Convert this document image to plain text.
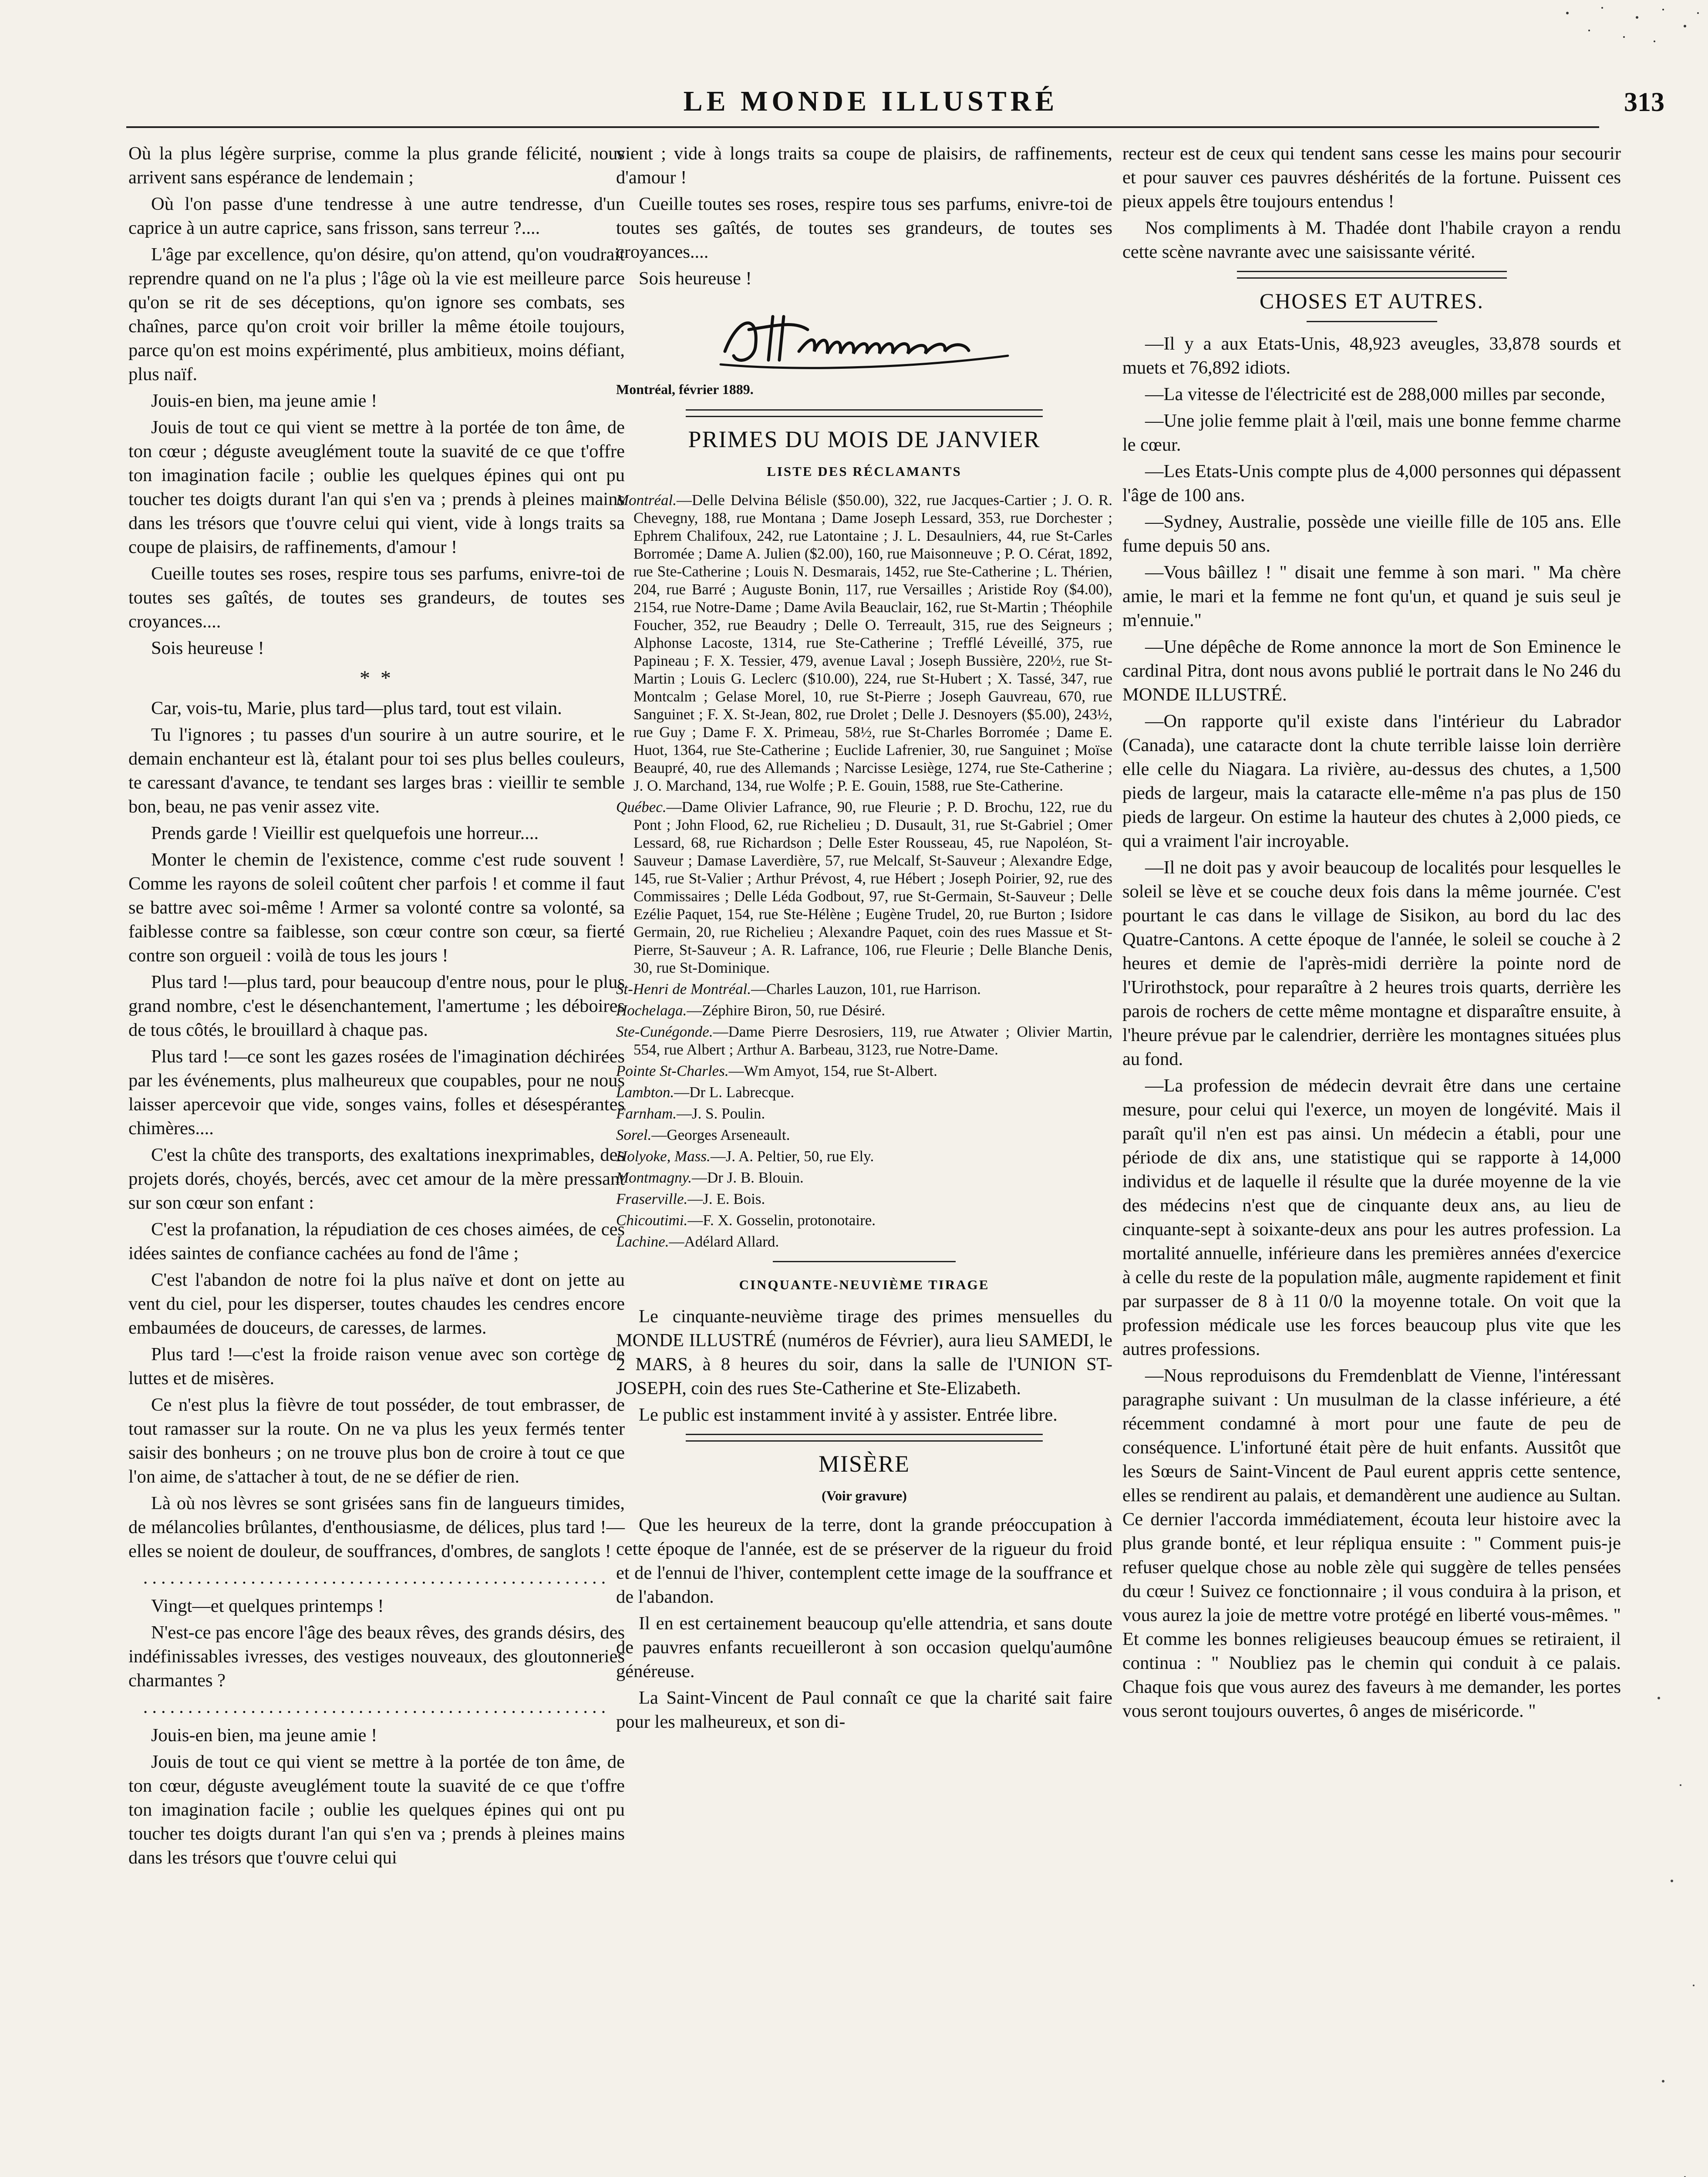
LE MONDE ILLUSTRÉ	313

Où la plus légère surprise, comme la plus grande félicité, nous arrivent sans espérance de lendemain ;

Où l'on passe d'une tendresse à une autre tendresse, d'un caprice à un autre caprice, sans frisson, sans terreur ?....

L'âge par excellence, qu'on désire, qu'on attend, qu'on voudrait reprendre quand on ne l'a plus ; l'âge où la vie est meilleure parce qu'on se rit de ses déceptions, qu'on ignore ses combats, ses chaînes, parce qu'on croit voir briller la même étoile toujours, parce qu'on est moins expérimenté, plus ambitieux, moins défiant, plus naïf.

Jouis-en bien, ma jeune amie !

Jouis de tout ce qui vient se mettre à la portée de ton âme, de ton cœur ; déguste aveuglément toute la suavité de ce que t'offre ton imagination facile ; oublie les quelques épines qui ont pu toucher tes doigts durant l'an qui s'en va ; prends à pleines mains dans les trésors que t'ouvre celui qui vient, vide à longs traits sa coupe de plaisirs, de raffinements, d'amour !

Cueille toutes ses roses, respire tous ses parfums, enivre-toi de toutes ses gaîtés, de toutes ses grandeurs, de toutes ses croyances....

Sois heureuse !

* *

Car, vois-tu, Marie, plus tard—plus tard, tout est vilain.

Tu l'ignores ; tu passes d'un sourire à un autre sourire, et le demain enchanteur est là, étalant pour toi ses plus belles couleurs, te caressant d'avance, te tendant ses larges bras : vieillir te semble bon, beau, ne pas venir assez vite.

Prends garde ! Vieillir est quelquefois une horreur....

Monter le chemin de l'existence, comme c'est rude souvent ! Comme les rayons de soleil coûtent cher parfois ! et comme il faut se battre avec soi-même ! Armer sa volonté contre sa volonté, sa faiblesse contre sa faiblesse, son cœur contre son cœur, sa fierté contre son orgueil : voilà de tous les jours !

Plus tard !—plus tard, pour beaucoup d'entre nous, pour le plus grand nombre, c'est le désenchantement, l'amertume ; les déboires de tous côtés, le brouillard à chaque pas.

Plus tard !—ce sont les gazes rosées de l'imagination déchirées par les événements, plus malheureux que coupables, pour ne nous laisser apercevoir que vide, songes vains, folles et désespérantes chimères....

C'est la chûte des transports, des exaltations inexprimables, des projets dorés, choyés, bercés, avec cet amour de la mère pressant sur son cœur son enfant :

C'est la profanation, la répudiation de ces choses aimées, de ces idées saintes de confiance cachées au fond de l'âme ;

C'est l'abandon de notre foi la plus naïve et dont on jette au vent du ciel, pour les disperser, toutes chaudes les cendres encore embaumées de douceurs, de caresses, de larmes.

Plus tard !—c'est la froide raison venue avec son cortège de luttes et de misères.

Ce n'est plus la fièvre de tout posséder, de tout embrasser, de tout ramasser sur la route. On ne va plus les yeux fermés tenter saisir des bonheurs ; on ne trouve plus bon de croire à tout ce que l'on aime, de s'attacher à tout, de ne se défier de rien.

Là où nos lèvres se sont grisées sans fin de langueurs timides, de mélancolies brûlantes, d'enthousiasme, de délices, plus tard !—elles se noient de douleur, de souffrances, d'ombres, de sanglots !

....................................................

Vingt—et quelques printemps !

N'est-ce pas encore l'âge des beaux rêves, des grands désirs, des indéfinissables ivresses, des vestiges nouveaux, des gloutonneries charmantes ?

....................................................

Jouis-en bien, ma jeune amie !

Jouis de tout ce qui vient se mettre à la portée de ton âme, de ton cœur, déguste aveuglément toute la suavité de ce que t'offre ton imagination facile ; oublie les quelques épines qui ont pu toucher tes doigts durant l'an qui s'en va ; prends à pleines mains dans les trésors que t'ouvre celui qui

vient ; vide à longs traits sa coupe de plaisirs, de raffinements, d'amour !

Cueille toutes ses roses, respire tous ses parfums, enivre-toi de toutes ses gaîtés, de toutes ses grandeurs, de toutes ses croyances....

Sois heureuse !

Montréal, février 1889.
PRIMES DU MOIS DE JANVIER
LISTE DES RÉCLAMANTS

Montréal.—Delle Delvina Bélisle ($50.00), 322, rue Jacques-Cartier ; J. O. R. Chevegny, 188, rue Montana ; Dame Joseph Lessard, 353, rue Dorchester ; Ephrem Chalifoux, 242, rue Latontaine ; J. L. Desaulniers, 44, rue St-Carles Borromée ; Dame A. Julien ($2.00), 160, rue Maisonneuve ; P. O. Cérat, 1892, rue Ste-Catherine ; Louis N. Desmarais, 1452, rue Ste-Catherine ; L. Thérien, 204, rue Barré ; Auguste Bonin, 117, rue Versailles ; Aristide Roy ($4.00), 2154, rue Notre-Dame ; Dame Avila Beauclair, 162, rue St-Martin ; Théophile Foucher, 352, rue Beaudry ; Delle O. Terreault, 315, rue des Seigneurs ; Alphonse Lacoste, 1314, rue Ste-Catherine ; Trefflé Léveillé, 375, rue Papineau ; F. X. Tessier, 479, avenue Laval ; Joseph Bussière, 220½, rue St-Martin ; Louis G. Leclerc ($10.00), 224, rue St-Hubert ; X. Tassé, 347, rue Montcalm ; Gelase Morel, 10, rue St-Pierre ; Joseph Gauvreau, 670, rue Sanguinet ; F. X. St-Jean, 802, rue Drolet ; Delle J. Desnoyers ($5.00), 243½, rue Guy ; Dame F. X. Primeau, 58½, rue St-Charles Borromée ; Dame E. Huot, 1364, rue Ste-Catherine ; Euclide Lafrenier, 30, rue Sanguinet ; Moïse Beaupré, 40, rue des Allemands ; Narcisse Lesiège, 1274, rue Ste-Catherine ; J. O. Marchand, 134, rue Wolfe ; P. E. Gouin, 1588, rue Ste-Catherine.

Québec.—Dame Olivier Lafrance, 90, rue Fleurie ; P. D. Brochu, 122, rue du Pont ; John Flood, 62, rue Richelieu ; D. Dusault, 31, rue St-Gabriel ; Omer Lessard, 68, rue Richardson ; Delle Ester Rousseau, 45, rue Napoléon, St-Sauveur ; Damase Laverdière, 57, rue Melcalf, St-Sauveur ; Alexandre Edge, 145, rue St-Valier ; Arthur Prévost, 4, rue Hébert ; Joseph Poirier, 92, rue des Commissaires ; Delle Léda Godbout, 97, rue St-Germain, St-Sauveur ; Delle Ezélie Paquet, 154, rue Ste-Hélène ; Eugène Trudel, 20, rue Burton ; Isidore Germain, 20, rue Richelieu ; Alexandre Paquet, coin des rues Massue et St-Pierre, St-Sauveur ; A. R. Lafrance, 106, rue Fleurie ; Delle Blanche Denis, 30, rue St-Dominique.

St-Henri de Montréal.—Charles Lauzon, 101, rue Harrison.

Hochelaga.—Zéphire Biron, 50, rue Désiré.

Ste-Cunégonde.—Dame Pierre Desrosiers, 119, rue Atwater ; Olivier Martin, 554, rue Albert ; Arthur A. Barbeau, 3123, rue Notre-Dame.

Pointe St-Charles.—Wm Amyot, 154, rue St-Albert.

Lambton.—Dr L. Labrecque.

Farnham.—J. S. Poulin.

Sorel.—Georges Arseneault.

Holyoke, Mass.—J. A. Peltier, 50, rue Ely.

Montmagny.—Dr J. B. Blouin.

Fraserville.—J. E. Bois.

Chicoutimi.—F. X. Gosselin, protonotaire.

Lachine.—Adélard Allard.

CINQUANTE-NEUVIÈME TIRAGE

Le cinquante-neuvième tirage des primes mensuelles du MONDE ILLUSTRÉ (numéros de Février), aura lieu SAMEDI, le 2 MARS, à 8 heures du soir, dans la salle de l'UNION ST-JOSEPH, coin des rues Ste-Catherine et Ste-Elizabeth.

Le public est instamment invité à y assister. Entrée libre.

MISÈRE
(Voir gravure)

Que les heureux de la terre, dont la grande préoccupation à cette époque de l'année, est de se préserver de la rigueur du froid et de l'ennui de l'hiver, contemplent cette image de la souffrance et de l'abandon.

Il en est certainement beaucoup qu'elle attendria, et sans doute de pauvres enfants recueilleront à son occasion quelqu'aumône généreuse.

La Saint-Vincent de Paul connaît ce que la charité sait faire pour les malheureux, et son di-

recteur est de ceux qui tendent sans cesse les mains pour secourir et pour sauver ces pauvres déshérités de la fortune. Puissent ces pieux appels être toujours entendus !

Nos compliments à M. Thadée dont l'habile crayon a rendu cette scène navrante avec une saisissante vérité.

CHOSES ET AUTRES.

—Il y a aux Etats-Unis, 48,923 aveugles, 33,878 sourds et muets et 76,892 idiots.

—La vitesse de l'électricité est de 288,000 milles par seconde,

—Une jolie femme plait à l'œil, mais une bonne femme charme le cœur.

—Les Etats-Unis compte plus de 4,000 personnes qui dépassent l'âge de 100 ans.

—Sydney, Australie, possède une vieille fille de 105 ans. Elle fume depuis 50 ans.

—Vous bâillez ! " disait une femme à son mari. " Ma chère amie, le mari et la femme ne font qu'un, et quand je suis seul je m'ennuie."

—Une dépêche de Rome annonce la mort de Son Eminence le cardinal Pitra, dont nous avons publié le portrait dans le No 246 du MONDE ILLUSTRÉ.

—On rapporte qu'il existe dans l'intérieur du Labrador (Canada), une cataracte dont la chute terrible laisse loin derrière elle celle du Niagara. La rivière, au-dessus des chutes, a 1,500 pieds de largeur, mais la cataracte elle-même n'a pas plus de 150 pieds de largeur. On estime la hauteur des chutes à 2,000 pieds, ce qui a vraiment l'air incroyable.

—Il ne doit pas y avoir beaucoup de localités pour lesquelles le soleil se lève et se couche deux fois dans la même journée. C'est pourtant le cas dans le village de Sisikon, au bord du lac des Quatre-Cantons. A cette époque de l'année, le soleil se couche à 2 heures et demie de l'après-midi derrière la pointe nord de l'Urirothstock, pour reparaître à 2 heures trois quarts, derrière les parois de rochers de cette même montagne et disparaître ensuite, à l'heure prévue par le calendrier, derrière les montagnes situées plus au fond.

—La profession de médecin devrait être dans une certaine mesure, pour celui qui l'exerce, un moyen de longévité. Mais il paraît qu'il n'en est pas ainsi. Un médecin a établi, pour une période de dix ans, une statistique qui se rapporte à 14,000 individus et de laquelle il résulte que la durée moyenne de la vie des médecins n'est que de cinquante deux ans, au lieu de cinquante-sept à soixante-deux ans pour les autres profession. La mortalité annuelle, inférieure dans les premières années d'exercice à celle du reste de la population mâle, augmente rapidement et finit par surpasser de 8 à 11 0/0 la moyenne totale. On voit que la profession médicale use les forces beaucoup plus vite que les autres professions.

—Nous reproduisons du Fremdenblatt de Vienne, l'intéressant paragraphe suivant : Un musulman de la classe inférieure, a été récemment condamné à mort pour une faute de peu de conséquence. L'infortuné était père de huit enfants. Aussitôt que les Sœurs de Saint-Vincent de Paul eurent appris cette sentence, elles se rendirent au palais, et demandèrent une audience au Sultan. Ce dernier l'accorda immédiatement, écouta leur histoire avec la plus grande bonté, et leur répliqua ensuite : " Comment puis-je refuser quelque chose au noble zèle qui suggère de telles pensées du cœur ! Suivez ce fonctionnaire ; il vous conduira à la prison, et vous aurez la joie de mettre votre protégé en liberté vous-mêmes. " Et comme les bonnes religieuses beaucoup émues se retiraient, il continua : " Noubliez pas le chemin qui conduit à ce palais. Chaque fois que vous aurez des faveurs à me demander, les portes vous seront toujours ouvertes, ô anges de miséricorde. "
